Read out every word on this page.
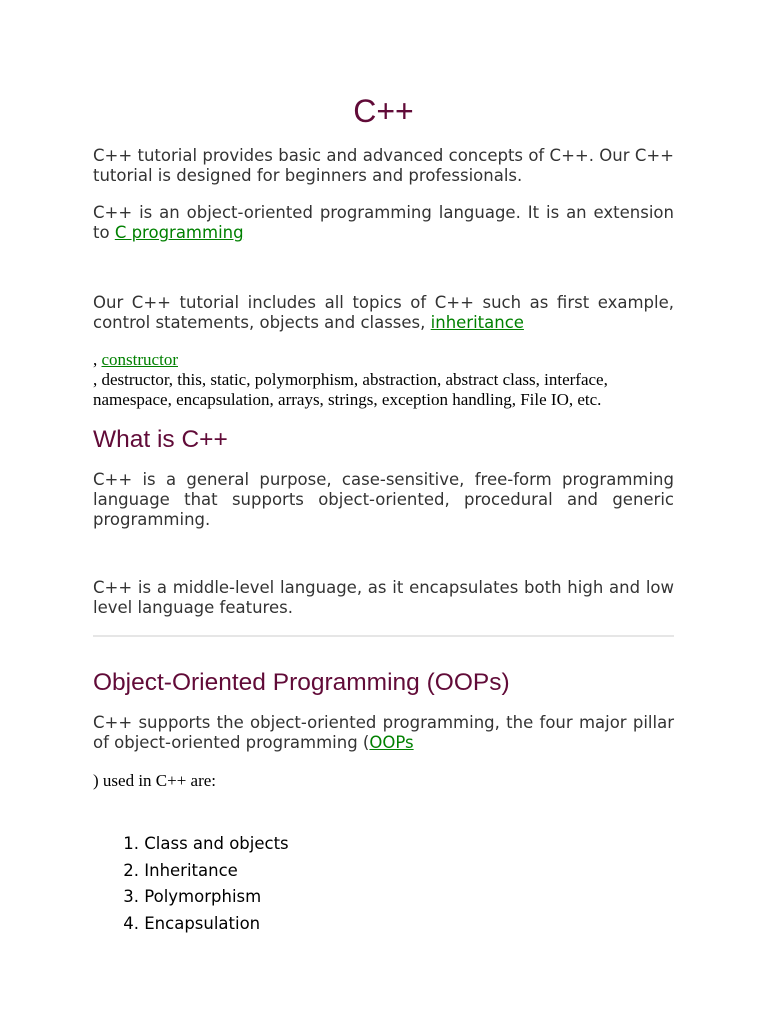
C++

C++ tutorial provides basic and advanced concepts of C++. Our C++ tutorial is designed for beginners and professionals.

C++ is an object-oriented programming language. It is an extension to C programming

Our C++ tutorial includes all topics of C++ such as first example, control statements, objects and classes, inheritance

, constructor

, destructor, this, static, polymorphism, abstraction, abstract class, interface, namespace, encapsulation, arrays, strings, exception handling, File IO, etc.

What is C++

C++ is a general purpose, case-sensitive, free-form programming language that supports object-oriented, procedural and generic programming.

C++ is a middle-level language, as it encapsulates both high and low level language features.

Object-Oriented Programming (OOPs)

C++ supports the object-oriented programming, the four major pillar of object-oriented programming (OOPs

) used in C++ are:

1.
Class and objects
2.
Inheritance
3.
Polymorphism
4.
Encapsulation
